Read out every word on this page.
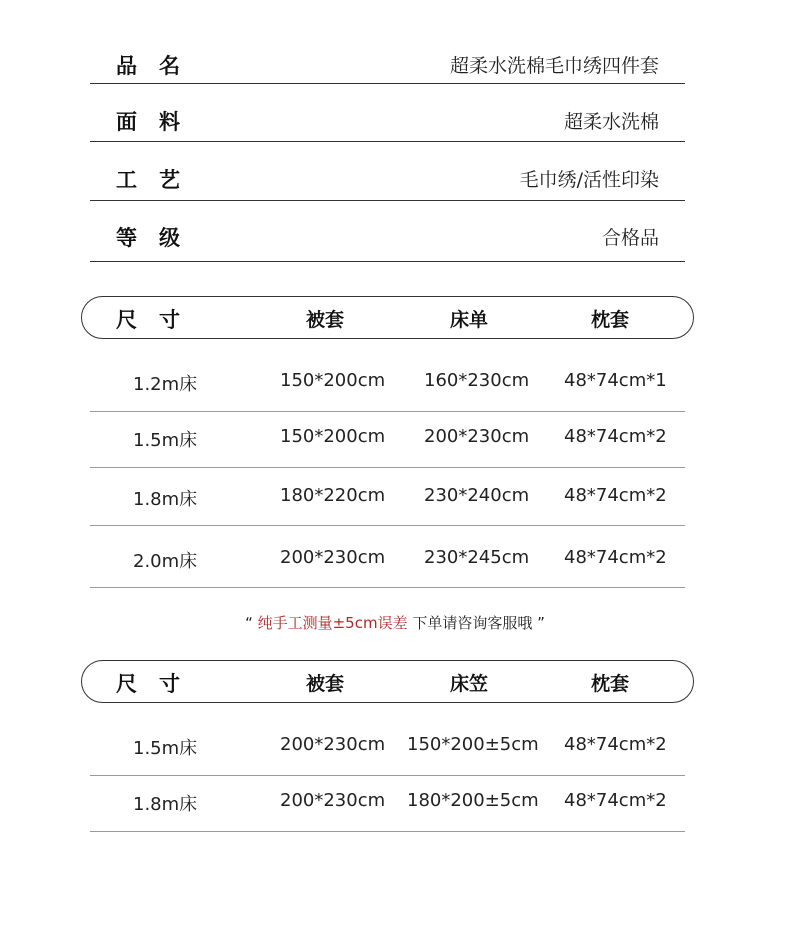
品 名	超柔水洗棉毛巾绣四件套
面 料	超柔水洗棉
工 艺	毛巾绣/活性印染
等 级	合格品
尺 寸	被套	床单	枕套
1.2m床	150*200cm 160*230cm 48*74cm*1
1.5m床	150*200cm 200*230cm 48*74cm*2
1.8m床	180*220cm 230*240cm 48*74cm*2
2.0m床	200*230cm 230*245cm 48*74cm*2
“ 纯手工测量±5cm误差 下单请咨询客服哦 ”
尺 寸	被套	床笠	枕套
1.5m床	200*230cm 150*200±5cm 48*74cm*2
1.8m床	200*230cm 180*200±5cm 48*74cm*2
